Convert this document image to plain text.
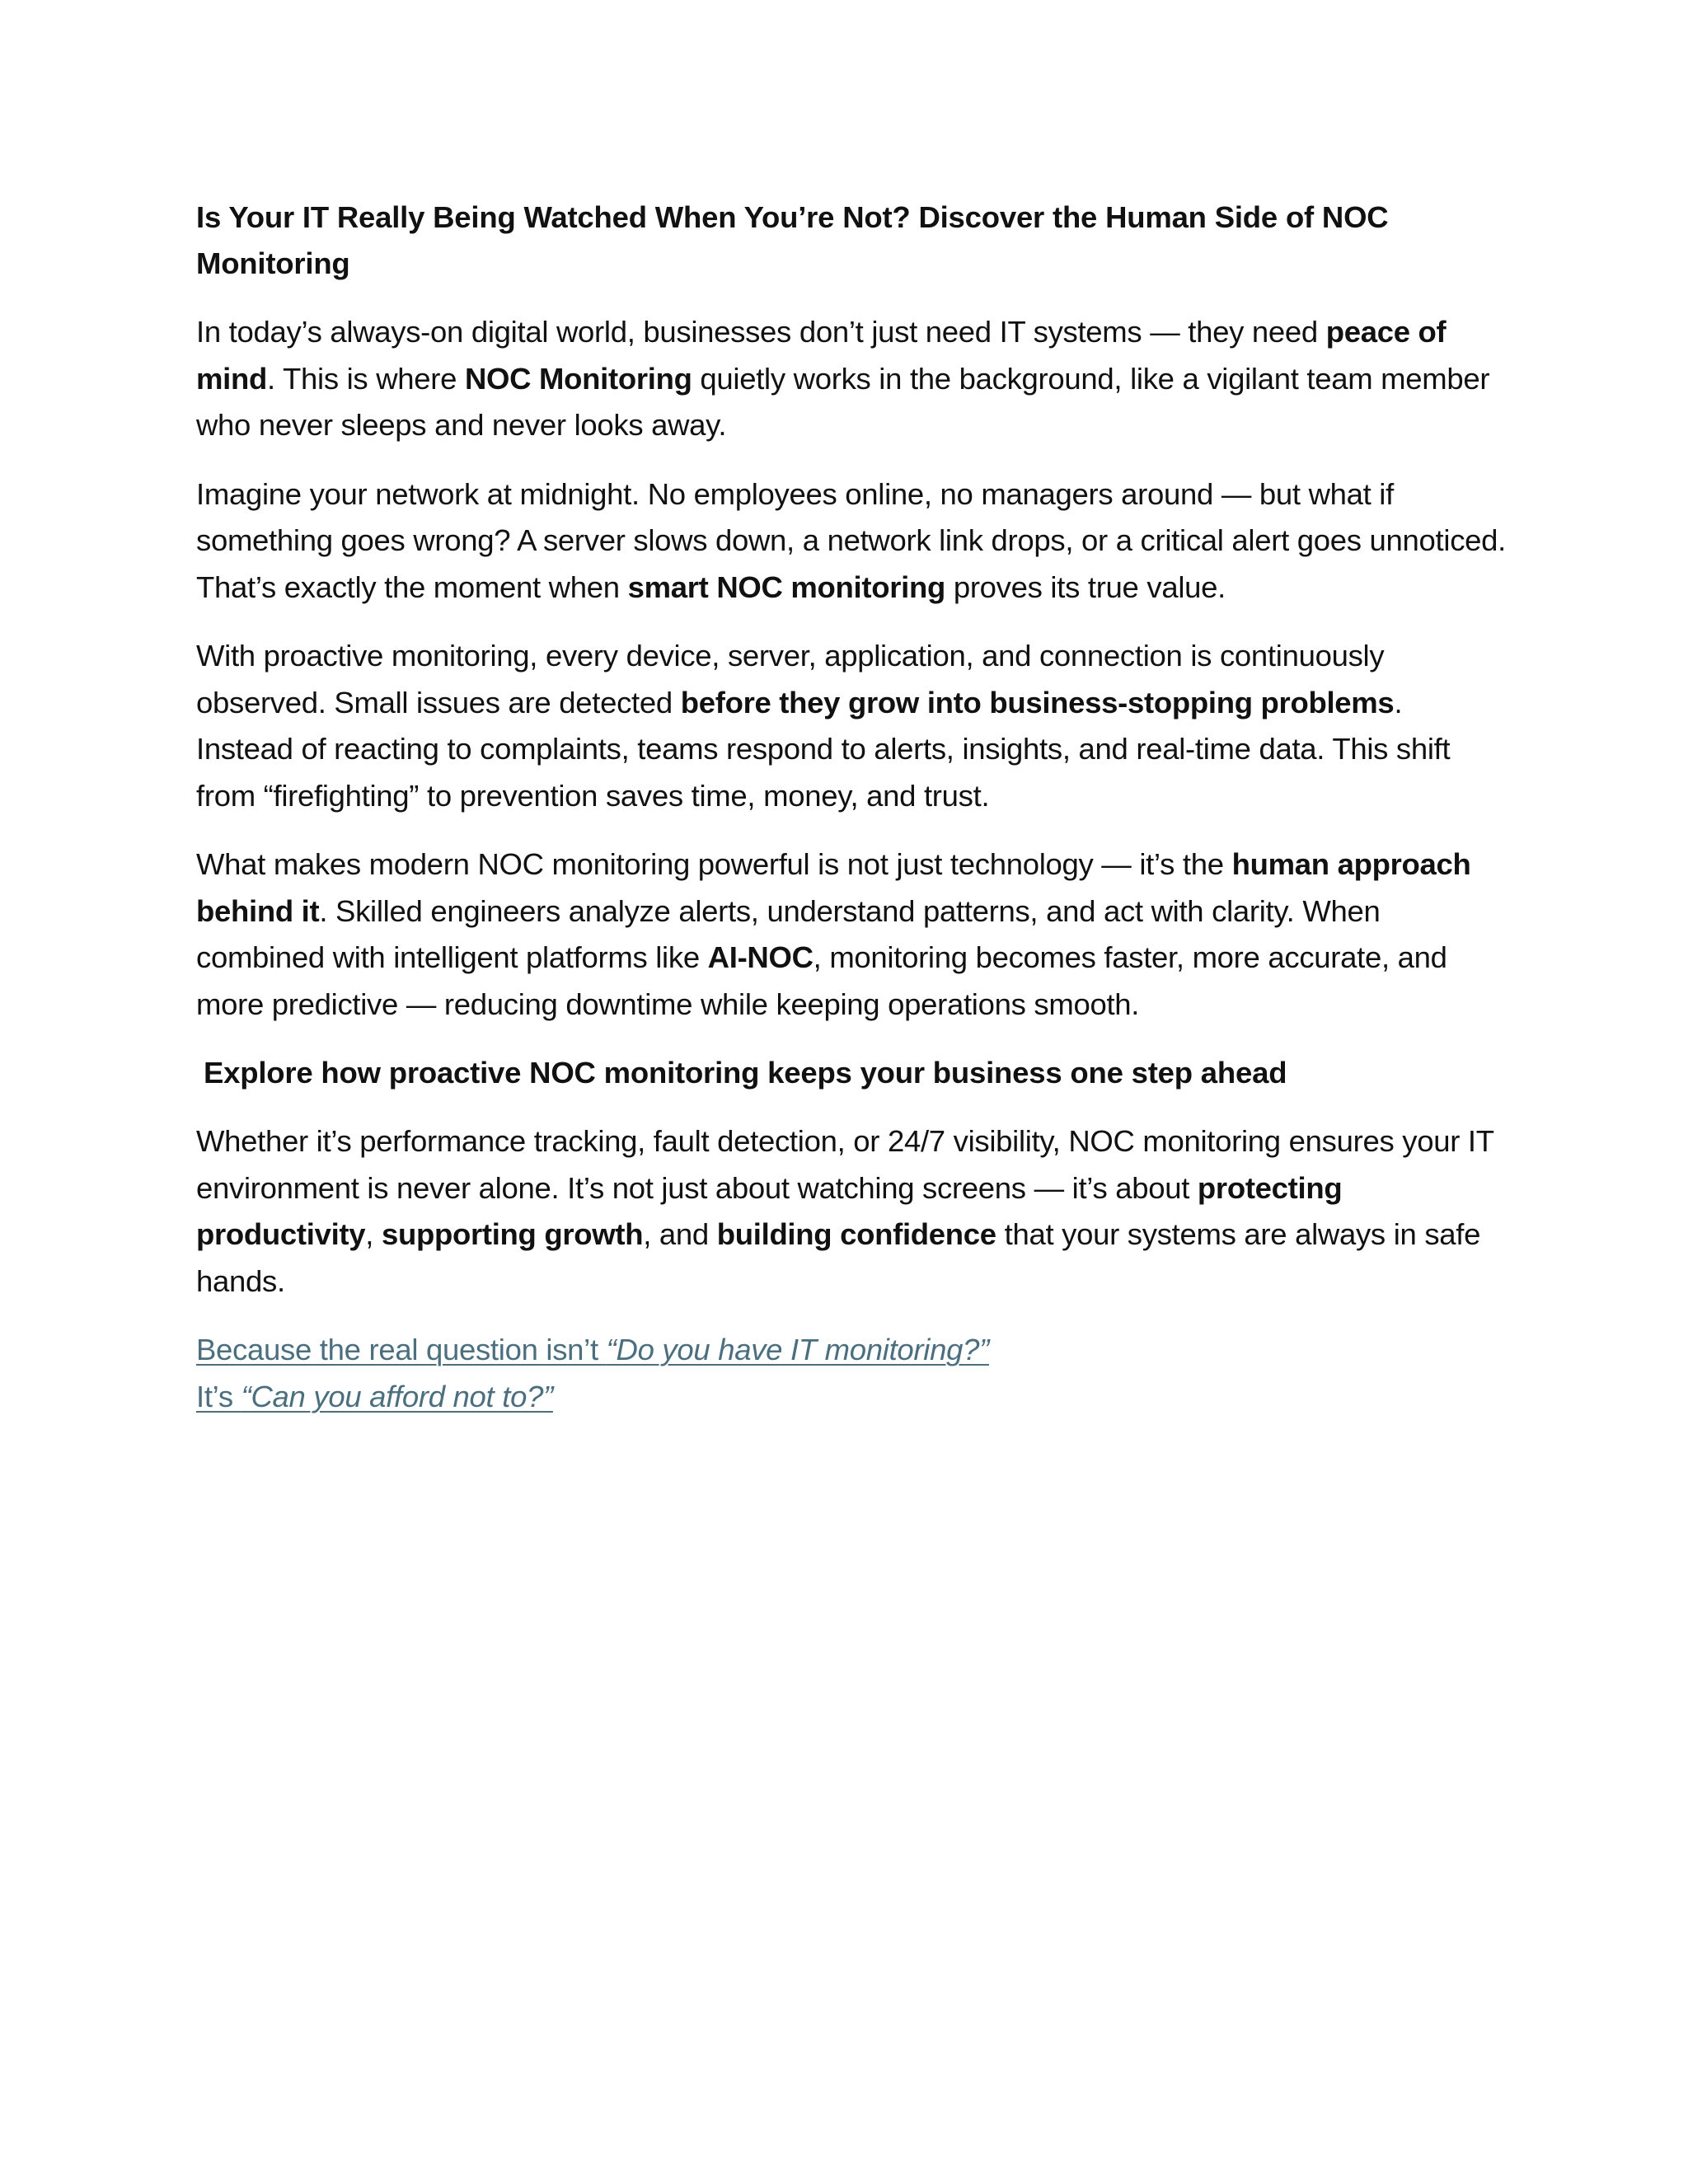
Is Your IT Really Being Watched When You’re Not? Discover the Human Side of NOC Monitoring

In today’s always-on digital world, businesses don’t just need IT systems — they need peace of mind. This is where NOC Monitoring quietly works in the background, like a vigilant team member who never sleeps and never looks away.

Imagine your network at midnight. No employees online, no managers around — but what if something goes wrong? A server slows down, a network link drops, or a critical alert goes unnoticed. That’s exactly the moment when smart NOC monitoring proves its true value.

With proactive monitoring, every device, server, application, and connection is continuously observed. Small issues are detected before they grow into business-stopping problems. Instead of reacting to complaints, teams respond to alerts, insights, and real-time data. This shift from “firefighting” to prevention saves time, money, and trust.

What makes modern NOC monitoring powerful is not just technology — it’s the human approach behind it. Skilled engineers analyze alerts, understand patterns, and act with clarity. When combined with intelligent platforms like AI-NOC, monitoring becomes faster, more accurate, and more predictive — reducing downtime while keeping operations smooth.

Explore how proactive NOC monitoring keeps your business one step ahead

Whether it’s performance tracking, fault detection, or 24/7 visibility, NOC monitoring ensures your IT environment is never alone. It’s not just about watching screens — it’s about protecting productivity, supporting growth, and building confidence that your systems are always in safe hands.

Because the real question isn’t “Do you have IT monitoring?”
It’s “Can you afford not to?”
